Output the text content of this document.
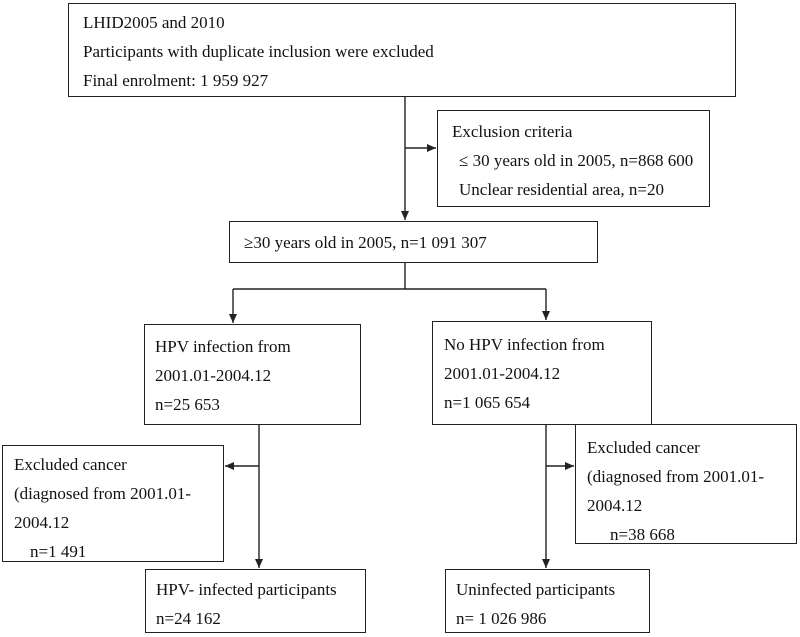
LHID2005 and 2010
Participants with duplicate inclusion were excluded
Final enrolment: 1 959 927
Exclusion criteria
≤ 30 years old in 2005, n=868 600
Unclear residential area, n=20
≥30 years old in 2005, n=1 091 307
HPV infection from
2001.01-2004.12
n=25 653
No HPV infection from
2001.01-2004.12
n=1 065 654
Excluded cancer
(diagnosed from 2001.01-
2004.12
n=1 491
Excluded cancer
(diagnosed from 2001.01-
2004.12
n=38 668
HPV- infected participants
n=24 162
Uninfected participants
n= 1 026 986
